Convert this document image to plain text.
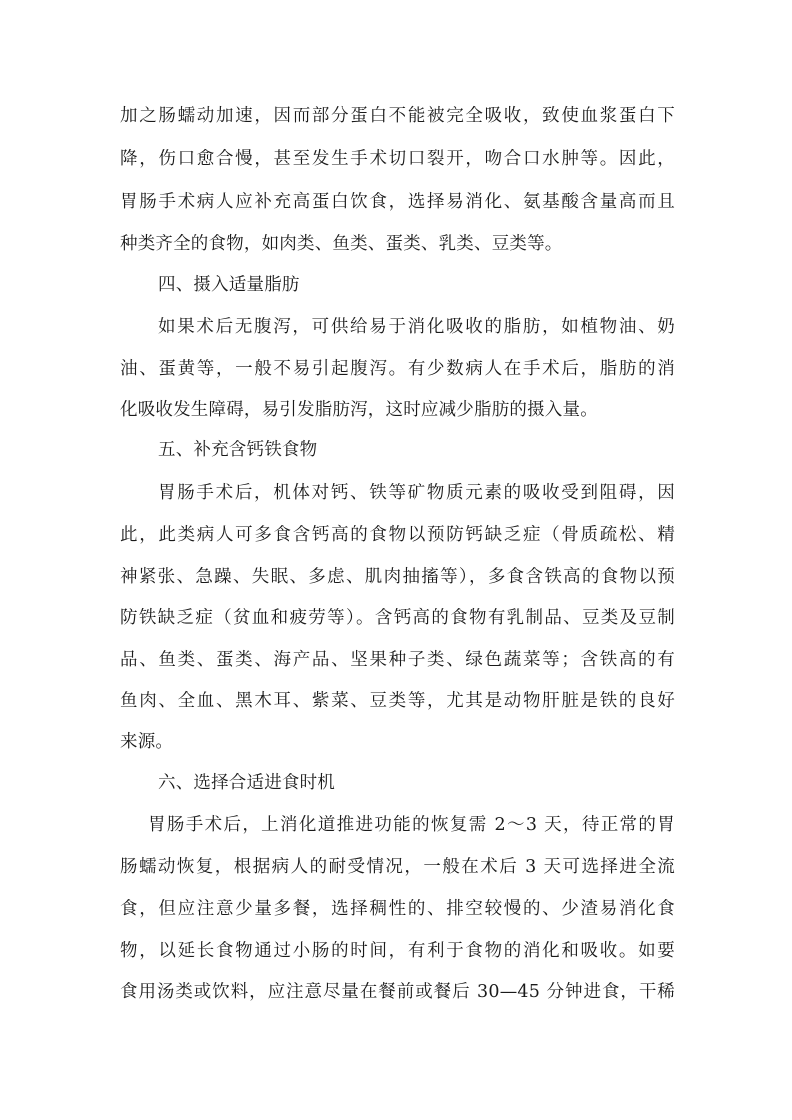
加之肠蠕动加速，因而部分蛋白不能被完全吸收，致使血浆蛋白下
降，伤口愈合慢，甚至发生手术切口裂开，吻合口水肿等。因此，
胃肠手术病人应补充高蛋白饮食，选择易消化、氨基酸含量高而且
种类齐全的食物，如肉类、鱼类、蛋类、乳类、豆类等。
四、摄入适量脂肪
如果术后无腹泻，可供给易于消化吸收的脂肪，如植物油、奶
油、蛋黄等，一般不易引起腹泻。有少数病人在手术后，脂肪的消
化吸收发生障碍，易引发脂肪泻，这时应减少脂肪的摄入量。
五、补充含钙铁食物
胃肠手术后，机体对钙、铁等矿物质元素的吸收受到阻碍，因
此，此类病人可多食含钙高的食物以预防钙缺乏症（骨质疏松、精
神紧张、急躁、失眠、多虑、肌肉抽搐等），多食含铁高的食物以预
防铁缺乏症（贫血和疲劳等）。含钙高的食物有乳制品、豆类及豆制
品、鱼类、蛋类、海产品、坚果种子类、绿色蔬菜等；含铁高的有
鱼肉、全血、黑木耳、紫菜、豆类等，尤其是动物肝脏是铁的良好
来源。
六、选择合适进食时机
胃肠手术后，上消化道推进功能的恢复需 2～3 天，待正常的胃
肠蠕动恢复，根据病人的耐受情况，一般在术后 3 天可选择进全流
食，但应注意少量多餐，选择稠性的、排空较慢的、少渣易消化食
物，以延长食物通过小肠的时间，有利于食物的消化和吸收。如要
食用汤类或饮料，应注意尽量在餐前或餐后 30—45 分钟进食，干稀
